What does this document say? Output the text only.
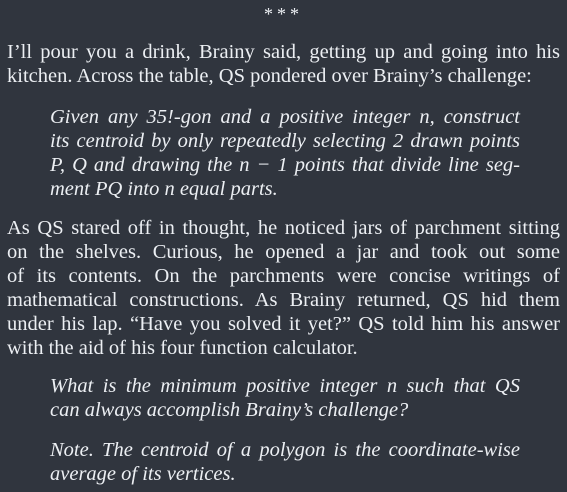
***
I’ll pour you a drink, Brainy said, getting up and going into his
kitchen. Across the table, QS pondered over Brainy’s challenge:
Given any 35!-gon and a positive integer n, construct
its centroid by only repeatedly selecting 2 drawn points
P, Q and drawing the n − 1 points that divide line seg-
ment PQ into n equal parts.
As QS stared off in thought, he noticed jars of parchment sitting
on the shelves. Curious, he opened a jar and took out some
of its contents. On the parchments were concise writings of
mathematical constructions. As Brainy returned, QS hid them
under his lap. “Have you solved it yet?” QS told him his answer
with the aid of his four function calculator.
What is the minimum positive integer n such that QS
can always accomplish Brainy’s challenge?
Note. The centroid of a polygon is the coordinate-wise
average of its vertices.
